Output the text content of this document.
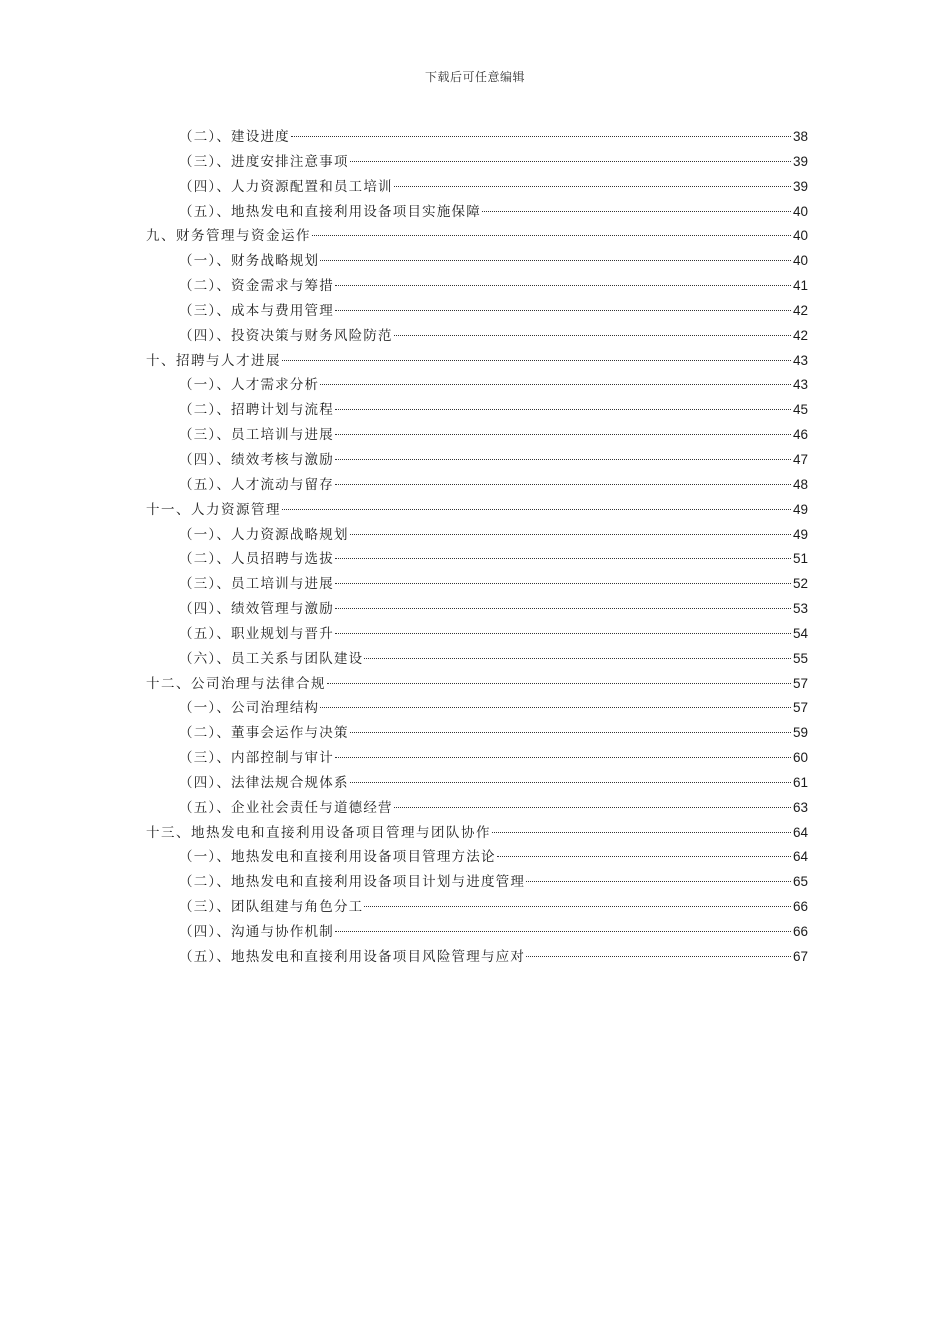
下载后可任意编辑
（二）、建设进度	38
（三）、进度安排注意事项	39
（四）、人力资源配置和员工培训	39
（五）、地热发电和直接利用设备项目实施保障	40
九、财务管理与资金运作	40
（一）、财务战略规划	40
（二）、资金需求与筹措	41
（三）、成本与费用管理	42
（四）、投资决策与财务风险防范	42
十、招聘与人才进展	43
（一）、人才需求分析	43
（二）、招聘计划与流程	45
（三）、员工培训与进展	46
（四）、绩效考核与激励	47
（五）、人才流动与留存	48
十一、人力资源管理	49
（一）、人力资源战略规划	49
（二）、人员招聘与选拔	51
（三）、员工培训与进展	52
（四）、绩效管理与激励	53
（五）、职业规划与晋升	54
（六）、员工关系与团队建设	55
十二、公司治理与法律合规	57
（一）、公司治理结构	57
（二）、董事会运作与决策	59
（三）、内部控制与审计	60
（四）、法律法规合规体系	61
（五）、企业社会责任与道德经营	63
十三、地热发电和直接利用设备项目管理与团队协作	64
（一）、地热发电和直接利用设备项目管理方法论	64
（二）、地热发电和直接利用设备项目计划与进度管理	65
（三）、团队组建与角色分工	66
（四）、沟通与协作机制	66
（五）、地热发电和直接利用设备项目风险管理与应对	67
